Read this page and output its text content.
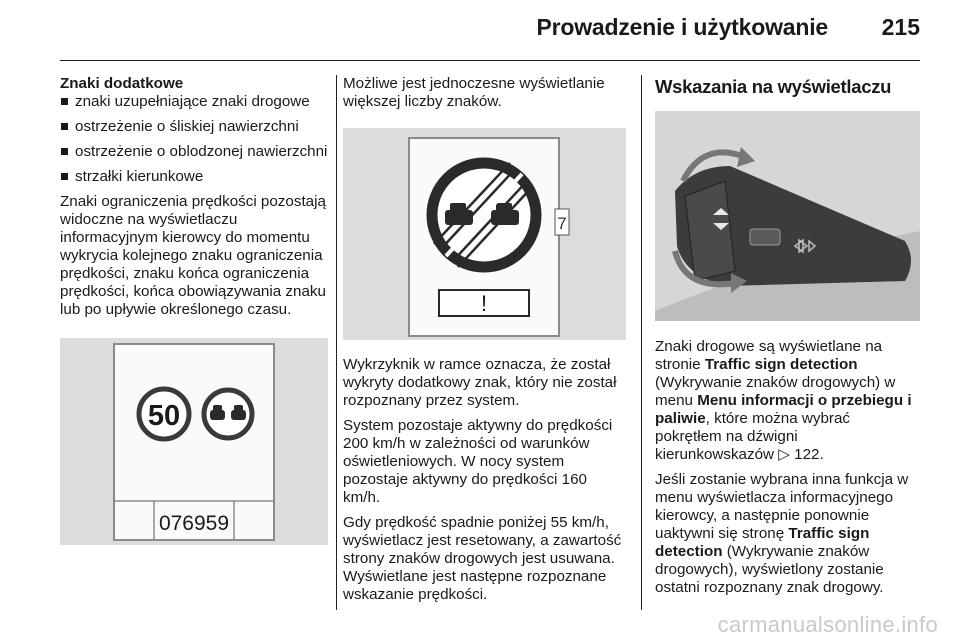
Prowadzenie i użytkowanie 215

Znaki dodatkowe

znaki uzupełniające znaki drogowe
ostrzeżenie o śliskiej nawierzchni
ostrzeżenie o oblodzonej nawierzchni
strzałki kierunkowe

Znaki ograniczenia prędkości pozostają widoczne na wyświetlaczu informacyjnym kierowcy do momentu wykrycia kolejnego znaku ograniczenia prędkości, znaku końca ograniczenia prędkości, końca obowiązywania znaku lub po upływie określonego czasu.

50
076959

Możliwe jest jednoczesne wyświetlanie większej liczby znaków.

7
!

Wykrzyknik w ramce oznacza, że został wykryty dodatkowy znak, który nie został rozpoznany przez system.

System pozostaje aktywny do prędkości 200 km/h w zależności od warunków oświetleniowych. W nocy system pozostaje aktywny do prędkości 160 km/h.

Gdy prędkość spadnie poniżej 55 km/h, wyświetlacz jest resetowany, a zawartość strony znaków drogowych jest usuwana. Wyświetlane jest następne rozpoznane wskazanie prędkości.

Wskazania na wyświetlaczu

Znaki drogowe są wyświetlane na stronie Traffic sign detection (Wykrywanie znaków drogowych) w menu Menu informacji o przebiegu i paliwie, które można wybrać pokrętłem na dźwigni kierunkowskazów ▷ 122.

Jeśli zostanie wybrana inna funkcja w menu wyświetlacza informacyjnego kierowcy, a następnie ponownie uaktywni się stronę Traffic sign detection (Wykrywanie znaków drogowych), wyświetlony zostanie ostatni rozpoznany znak drogowy.

carmanualsonline.info
